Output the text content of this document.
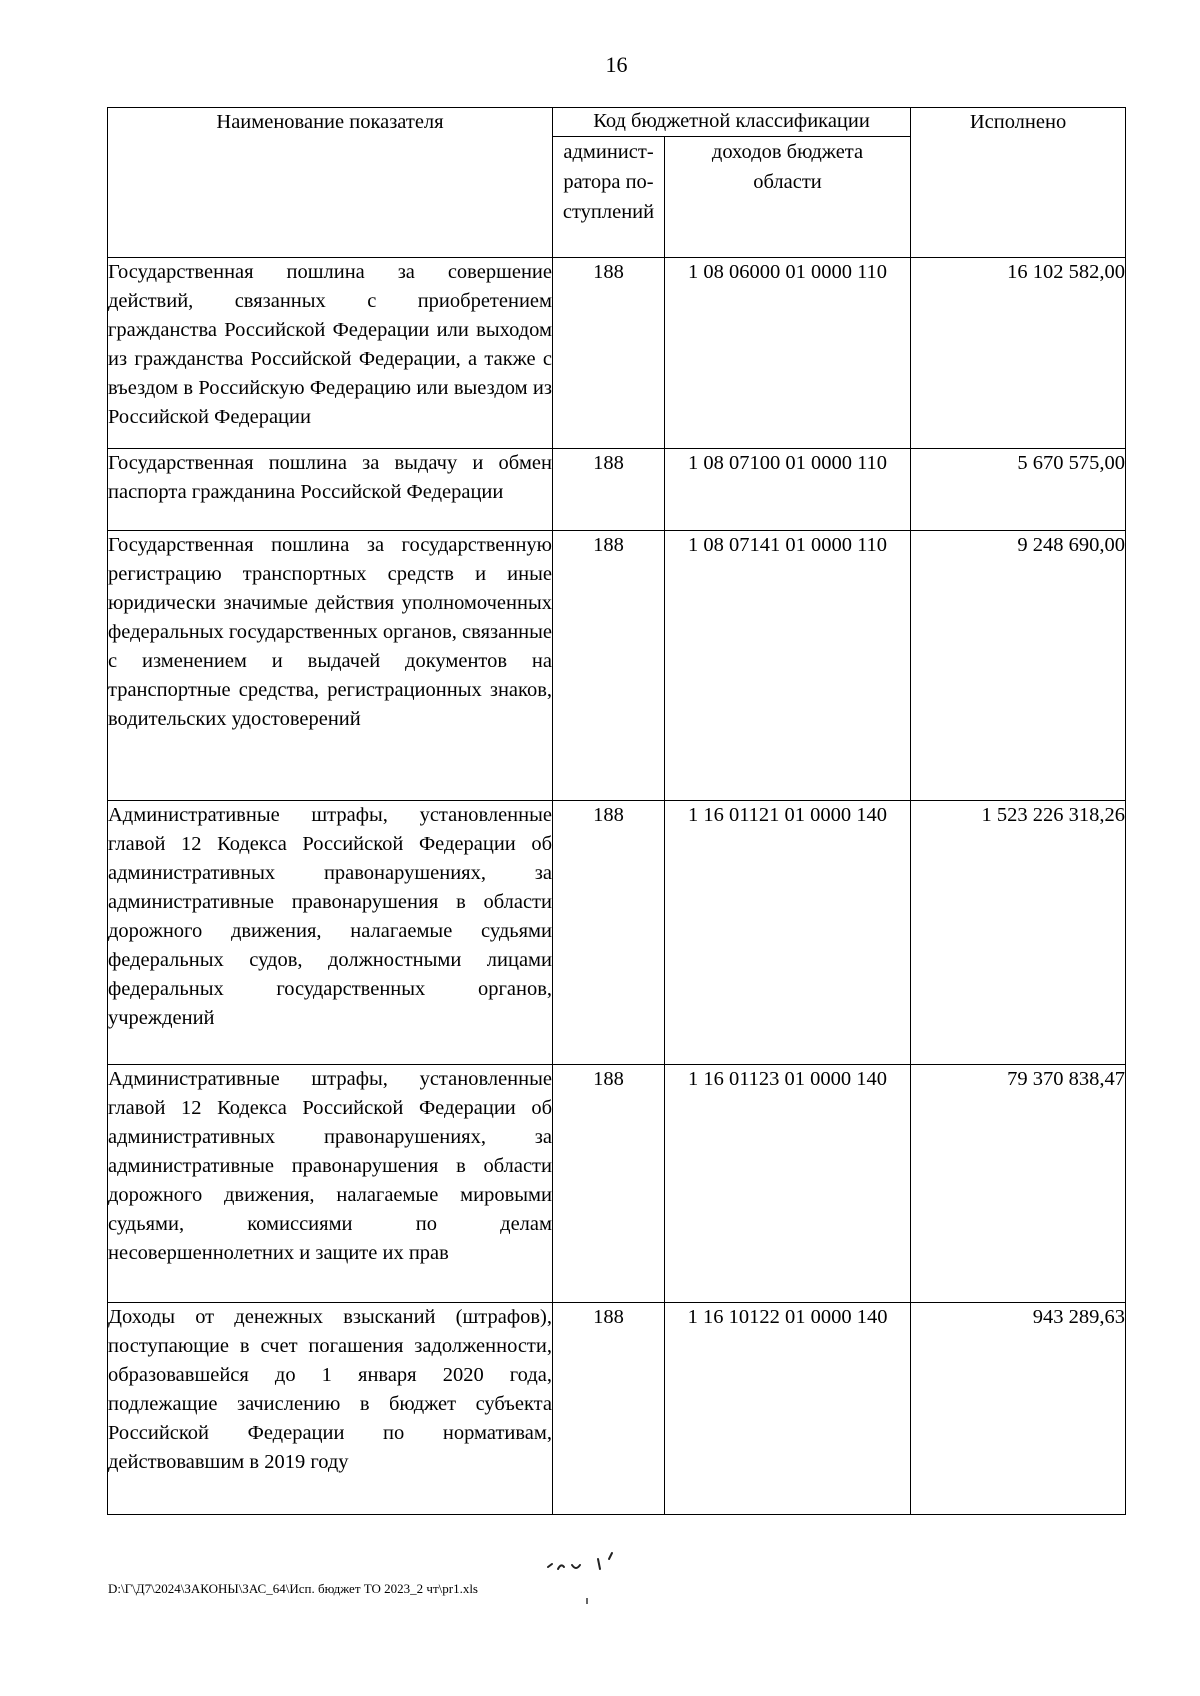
16
Наименование показателя	Код бюджетной классификации		Исполнено
	админист-
ратора по-
ступлений	доходов бюджета
области	
Государственная пошлина за совершение действий, связанных с приобретением гражданства Российской Федерации или выходом из гражданства Российской Федерации, а также с въездом в Российскую Федерацию или выездом из Российской Федерации	188	1 08 06000 01 0000 110	16 102 582,00
Государственная пошлина за выдачу и обмен паспорта гражданина Российской Федерации	188	1 08 07100 01 0000 110	5 670 575,00
Государственная пошлина за государственную регистрацию транспортных средств и иные юридически значимые действия уполномоченных федеральных государственных органов, связанные с изменением и выдачей документов на транспортные средства, регистрационных знаков, водительских удостоверений	188	1 08 07141 01 0000 110	9 248 690,00
Административные штрафы, установленные главой 12 Кодекса Российской Федерации об административных правонарушениях, за административные правонарушения в области дорожного движения, налагаемые судьями федеральных судов, должностными лицами федеральных государственных органов, учреждений	188	1 16 01121 01 0000 140	1 523 226 318,26
Административные штрафы, установленные главой 12 Кодекса Российской Федерации об административных правонарушениях, за административные правонарушения в области дорожного движения, налагаемые мировыми судьями, комиссиями по делам несовершеннолетних и защите их прав	188	1 16 01123 01 0000 140	79 370 838,47
Доходы от денежных взысканий (штрафов), поступающие в счет погашения задолженности, образовавшейся до 1 января 2020 года, подлежащие зачислению в бюджет субъекта Российской Федерации по нормативам, действовавшим в 2019 году	188	1 16 10122 01 0000 140	943 289,63
D:\Г\Д7\2024\ЗАКОНЫ\ЗАС_64\Исп. бюджет ТО 2023_2 чт\pr1.xls
